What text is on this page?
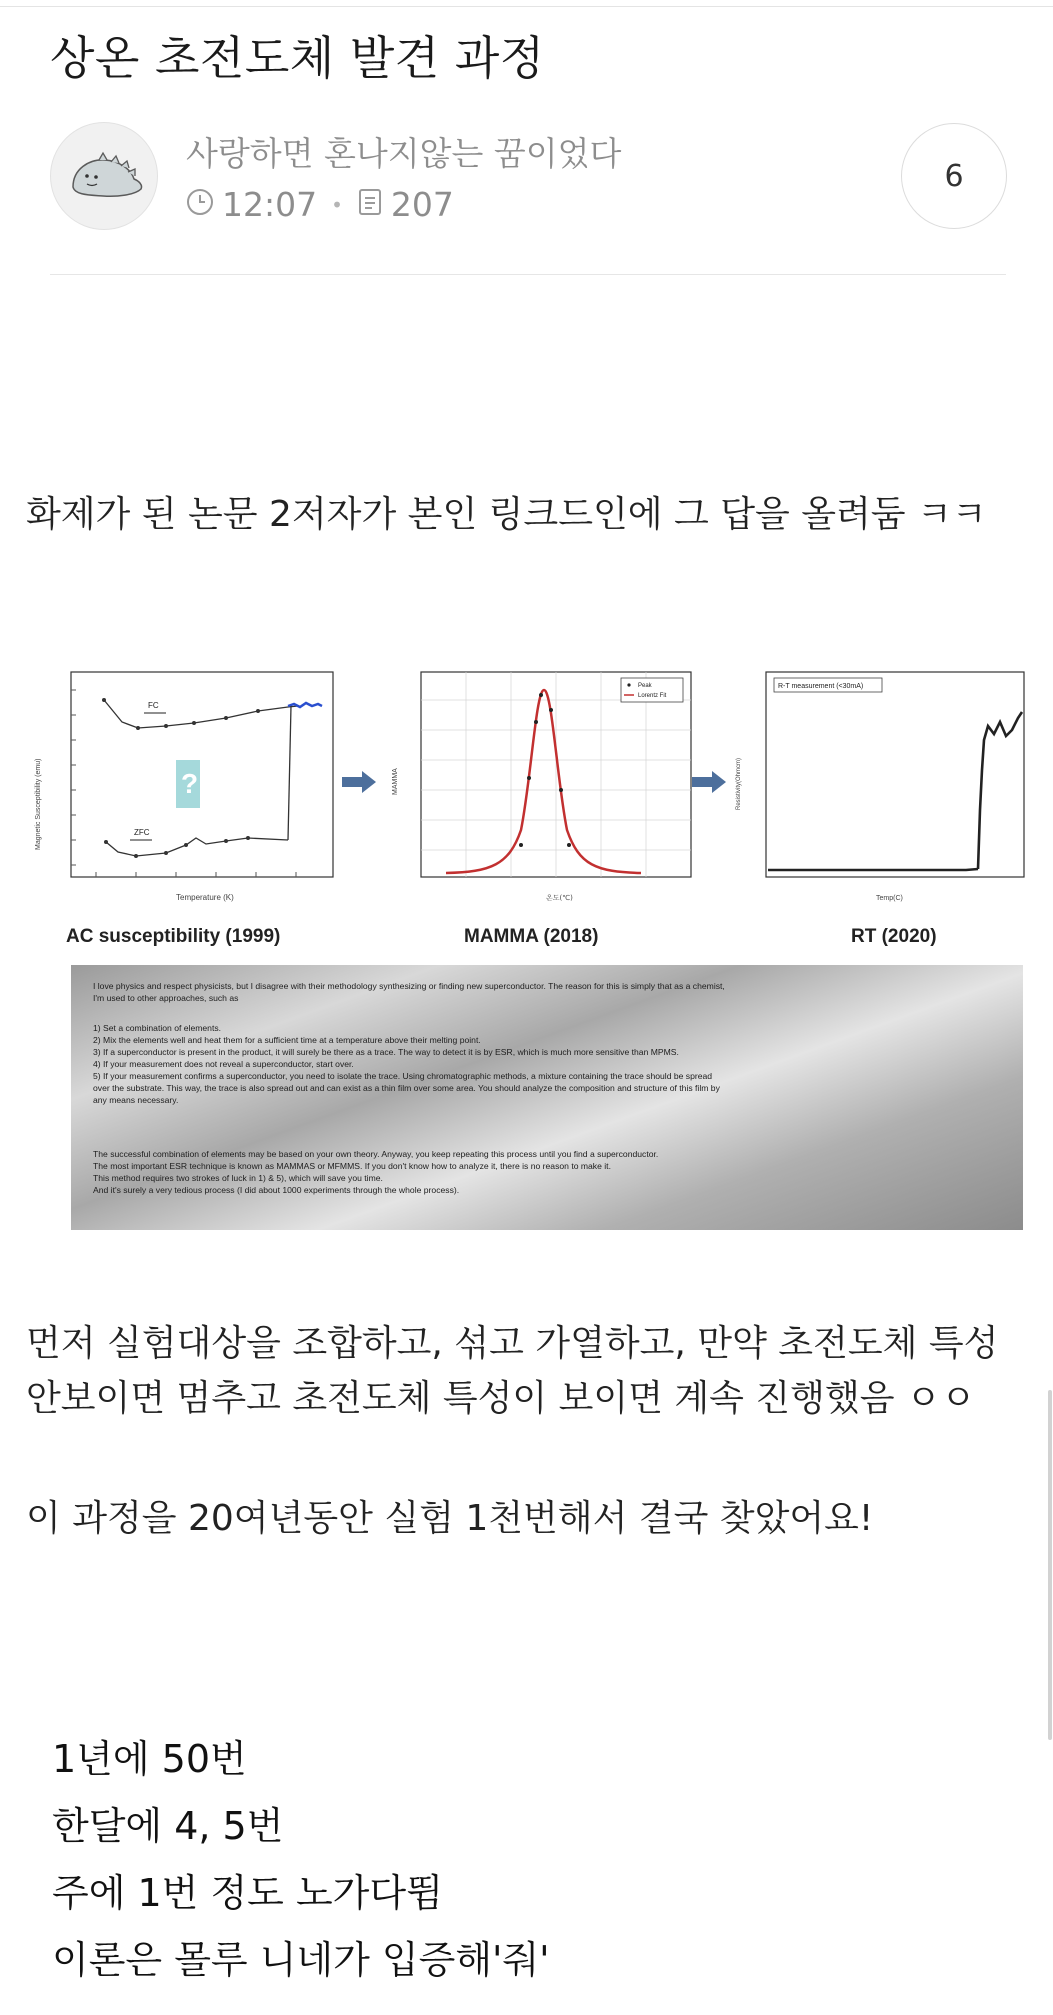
상온 초전도체 발견 과정
사랑하면 혼나지않는 꿈이었다
12:07 • 207
6
화제가 된 논문 2저자가 본인 링크드인에 그 답을 올려둠 ㅋㅋ
FC
ZFC
?
Temperature (K)
Magnetic Susceptibility (emu)
AC susceptibility (1999)
Peak
Lorentz Fit
온도(℃)
MAMMA
MAMMA (2018)
R-T measurement (<30mA)
Temp(C)
Resistivity(Ohmcm)
RT (2020)
I love physics and respect physicists, but I disagree with their methodology synthesizing or finding new superconductor. The reason for this is simply that as a chemist,
I'm used to other approaches, such as
1) Set a combination of elements.
2) Mix the elements well and heat them for a sufficient time at a temperature above their melting point.
3) If a superconductor is present in the product, it will surely be there as a trace. The way to detect it is by ESR, which is much more sensitive than MPMS.
4) If your measurement does not reveal a superconductor, start over.
5) If your measurement confirms a superconductor, you need to isolate the trace. Using chromatographic methods, a mixture containing the trace should be spread
over the substrate. This way, the trace is also spread out and can exist as a thin film over some area. You should analyze the composition and structure of this film by
any means necessary.
The successful combination of elements may be based on your own theory. Anyway, you keep repeating this process until you find a superconductor.
The most important ESR technique is known as MAMMAS or MFMMS. If you don't know how to analyze it, there is no reason to make it.
This method requires two strokes of luck in 1) & 5), which will save you time.
And it's surely a very tedious process (I did about 1000 experiments through the whole process).
먼저 실험대상을 조합하고, 섞고 가열하고, 만약 초전도체 특성
안보이면 멈추고 초전도체 특성이 보이면 계속 진행했음 ㅇㅇ
이 과정을 20여년동안 실험 1천번해서 결국 찾았어요!
1년에 50번
한달에 4, 5번
주에 1번 정도 노가다뜀
이론은 몰루 니네가 입증해'줘'
